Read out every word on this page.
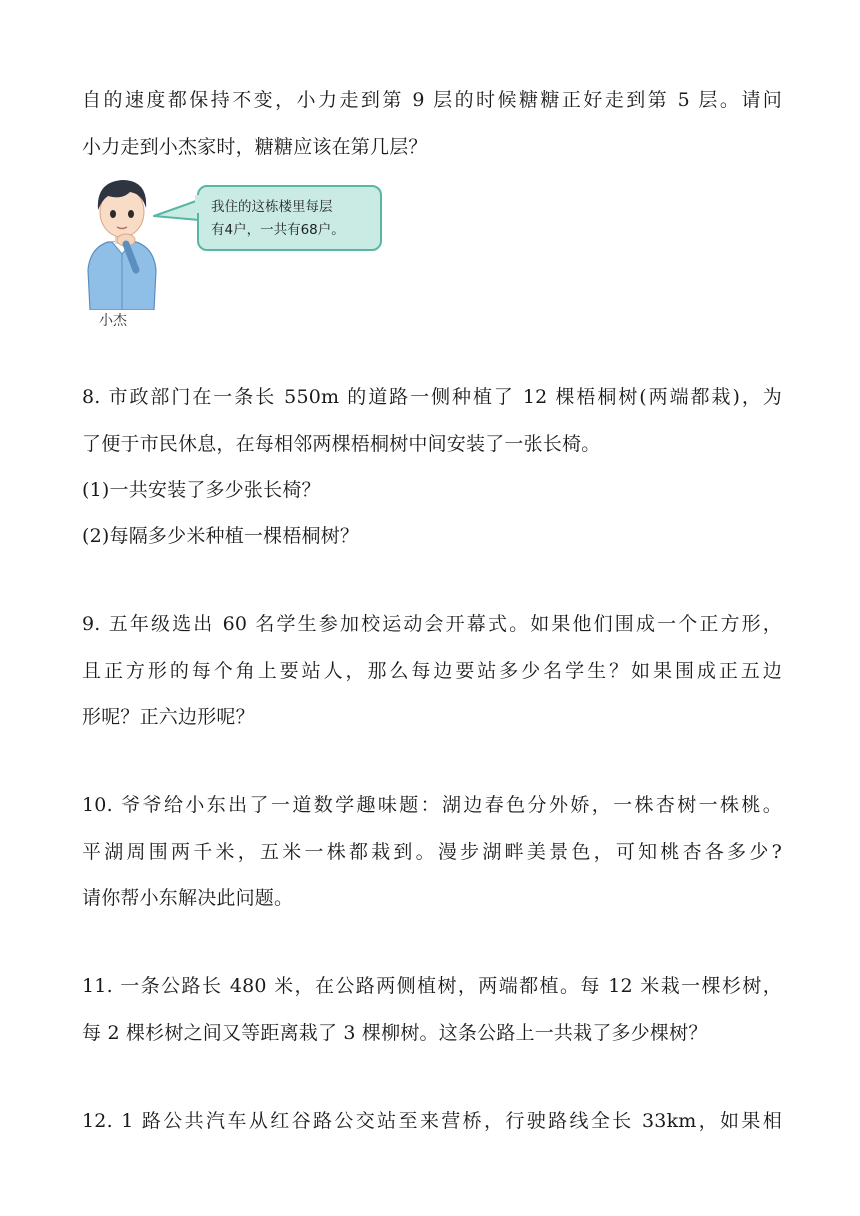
自的速度都保持不变，小力走到第 9 层的时候糖糖正好走到第 5 层。请问
小力走到小杰家时，糖糖应该在第几层？
我住的这栋楼里每层
有4户，一共有68户。
小杰
8. 市政部门在一条长 550m 的道路一侧种植了 12 棵梧桐树(两端都栽)，为
了便于市民休息，在每相邻两棵梧桐树中间安装了一张长椅。
(1)一共安装了多少张长椅？
(2)每隔多少米种植一棵梧桐树？
9. 五年级选出 60 名学生参加校运动会开幕式。如果他们围成一个正方形，
且正方形的每个角上要站人，那么每边要站多少名学生？如果围成正五边
形呢？正六边形呢？
10. 爷爷给小东出了一道数学趣味题：湖边春色分外娇，一株杏树一株桃。
平湖周围两千米，五米一株都栽到。漫步湖畔美景色，可知桃杏各多少?
请你帮小东解决此问题。
11. 一条公路长 480 米，在公路两侧植树，两端都植。每 12 米栽一棵杉树，
每 2 棵杉树之间又等距离栽了 3 棵柳树。这条公路上一共栽了多少棵树？
12. 1 路公共汽车从红谷路公交站至来营桥，行驶路线全长 33km，如果相
